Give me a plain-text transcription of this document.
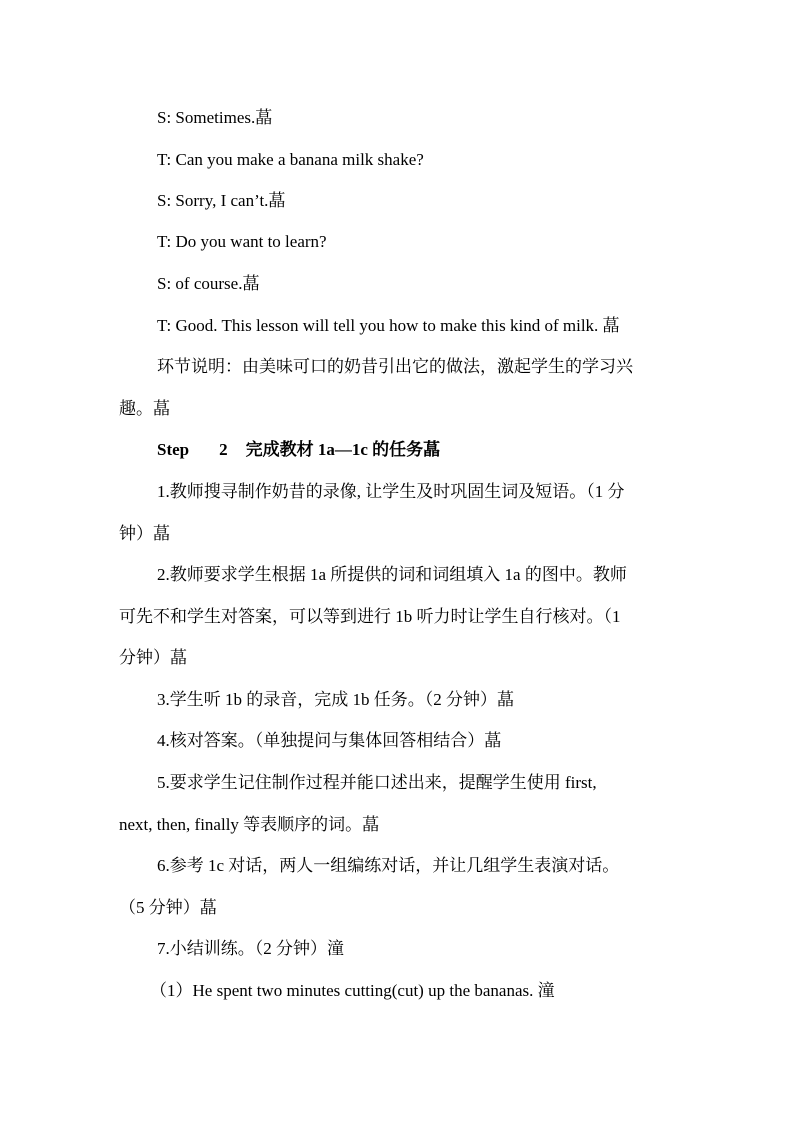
S: Sometimes.蕌
T: Can you make a banana milk shake?
S: Sorry, I can’t.蕌
T: Do you want to learn?
S: of course.蕌
T: Good. This lesson will tell you how to make this kind of milk. 蕌
环节说明：由美味可口的奶昔引出它的做法，激起学生的学习兴
趣。蕌
Step 2 完成教材 1a—1c 的任务蕌
1.教师搜寻制作奶昔的录像, 让学生及时巩固生词及短语。（1 分
钟）蕌
2.教师要求学生根据 1a 所提供的词和词组填入 1a 的图中。教师
可先不和学生对答案，可以等到进行 1b 听力时让学生自行核对。（1
分钟）蕌
3.学生听 1b 的录音，完成 1b 任务。（2 分钟）蕌
4.核对答案。（单独提问与集体回答相结合）蕌
5.要求学生记住制作过程并能口述出来，提醒学生使用 first,
next, then, finally 等表顺序的词。蕌
6.参考 1c 对话，两人一组编练对话，并让几组学生表演对话。
（5 分钟）蕌
7.小结训练。（2 分钟）潼
（1）He spent two minutes cutting(cut) up the bananas. 潼
